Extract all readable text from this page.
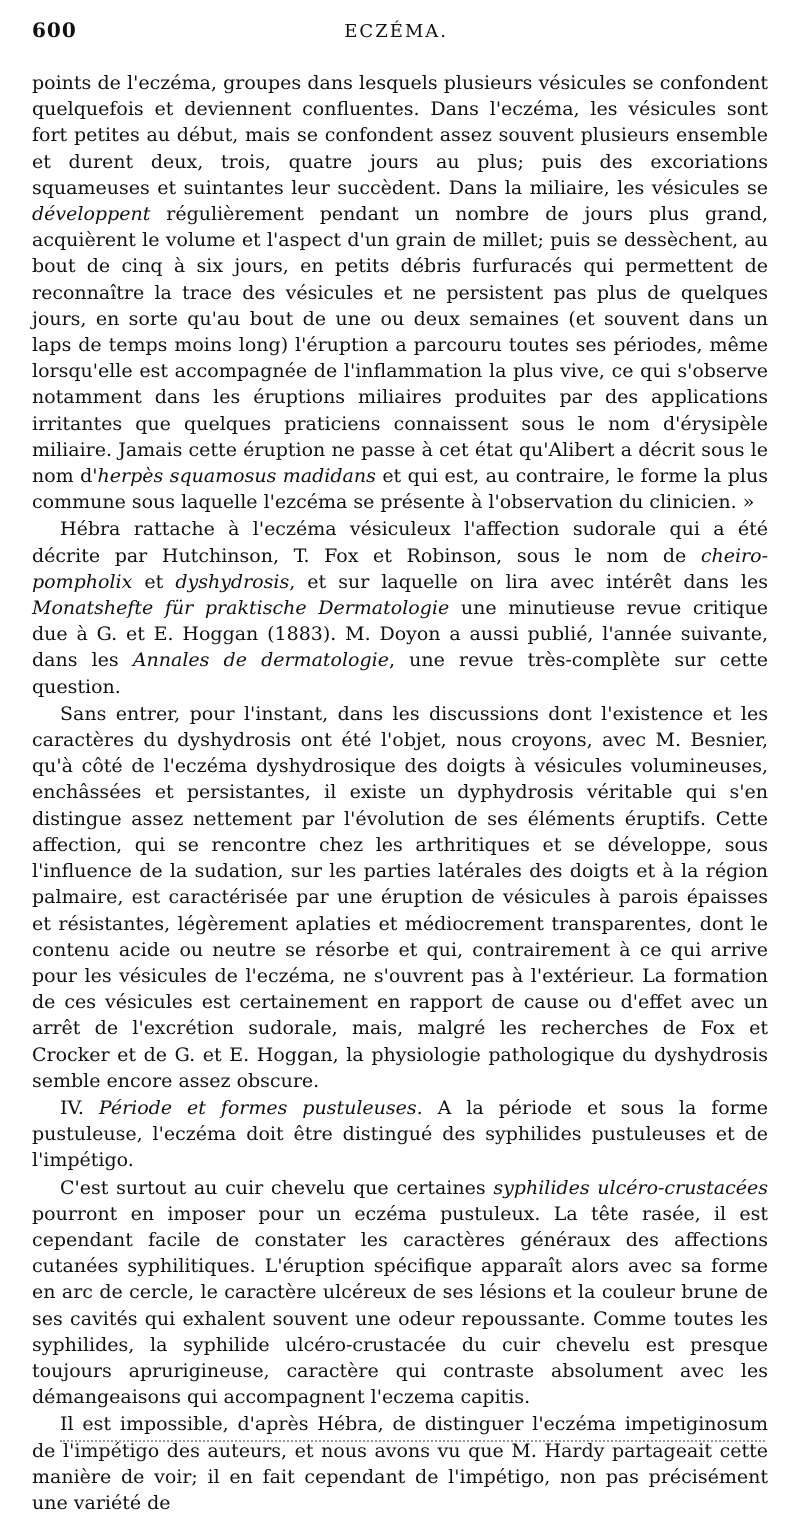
600	ECZÉMA.

points de l'eczéma, groupes dans lesquels plusieurs vésicules se confondent quelquefois et deviennent confluentes. Dans l'eczéma, les vésicules sont fort petites au début, mais se confondent assez souvent plusieurs ensemble et durent deux, trois, quatre jours au plus; puis des excoriations squameuses et suintantes leur succèdent. Dans la miliaire, les vésicules se développent régulièrement pendant un nombre de jours plus grand, acquièrent le volume et l'aspect d'un grain de millet; puis se dessèchent, au bout de cinq à six jours, en petits débris furfuracés qui permettent de reconnaître la trace des vésicules et ne persistent pas plus de quelques jours, en sorte qu'au bout de une ou deux semaines (et souvent dans un laps de temps moins long) l'éruption a parcouru toutes ses périodes, même lorsqu'elle est accompagnée de l'inflammation la plus vive, ce qui s'observe notamment dans les éruptions miliaires produites par des applications irritantes que quelques praticiens connaissent sous le nom d'érysipèle miliaire. Jamais cette éruption ne passe à cet état qu'Alibert a décrit sous le nom d'herpès squamosus madidans et qui est, au contraire, le forme la plus commune sous laquelle l'ezcéma se présente à l'observation du clinicien. »

Hébra rattache à l'eczéma vésiculeux l'affection sudorale qui a été décrite par Hutchinson, T. Fox et Robinson, sous le nom de cheiro-pompholix et dyshydrosis, et sur laquelle on lira avec intérêt dans les Monatshefte für praktische Dermatologie une minutieuse revue critique due à G. et E. Hoggan (1883). M. Doyon a aussi publié, l'année suivante, dans les Annales de dermatologie, une revue très-complète sur cette question.

Sans entrer, pour l'instant, dans les discussions dont l'existence et les caractères du dyshydrosis ont été l'objet, nous croyons, avec M. Besnier, qu'à côté de l'eczéma dyshydrosique des doigts à vésicules volumineuses, enchâssées et persistantes, il existe un dyphydrosis véritable qui s'en distingue assez nettement par l'évolution de ses éléments éruptifs. Cette affection, qui se rencontre chez les arthritiques et se développe, sous l'influence de la sudation, sur les parties latérales des doigts et à la région palmaire, est caractérisée par une éruption de vésicules à parois épaisses et résistantes, légèrement aplaties et médiocrement transparentes, dont le contenu acide ou neutre se résorbe et qui, contrairement à ce qui arrive pour les vésicules de l'eczéma, ne s'ouvrent pas à l'extérieur. La formation de ces vésicules est certainement en rapport de cause ou d'effet avec un arrêt de l'excrétion sudorale, mais, malgré les recherches de Fox et Crocker et de G. et E. Hoggan, la physiologie pathologique du dyshydrosis semble encore assez obscure.

IV. Période et formes pustuleuses. A la période et sous la forme pustuleuse, l'eczéma doit être distingué des syphilides pustuleuses et de l'impétigo.

C'est surtout au cuir chevelu que certaines syphilides ulcéro-crustacées pourront en imposer pour un eczéma pustuleux. La tête rasée, il est cependant facile de constater les caractères généraux des affections cutanées syphilitiques. L'éruption spécifique apparaît alors avec sa forme en arc de cercle, le caractère ulcéreux de ses lésions et la couleur brune de ses cavités qui exhalent souvent une odeur repoussante. Comme toutes les syphilides, la syphilide ulcéro-crustacée du cuir chevelu est presque toujours aprurigineuse, caractère qui contraste absolument avec les démangeaisons qui accompagnent l'eczema capitis.

Il est impossible, d'après Hébra, de distinguer l'eczéma impetiginosum de l'impétigo des auteurs, et nous avons vu que M. Hardy partageait cette manière de voir; il en fait cependant de l'impétigo, non pas précisément une variété de
